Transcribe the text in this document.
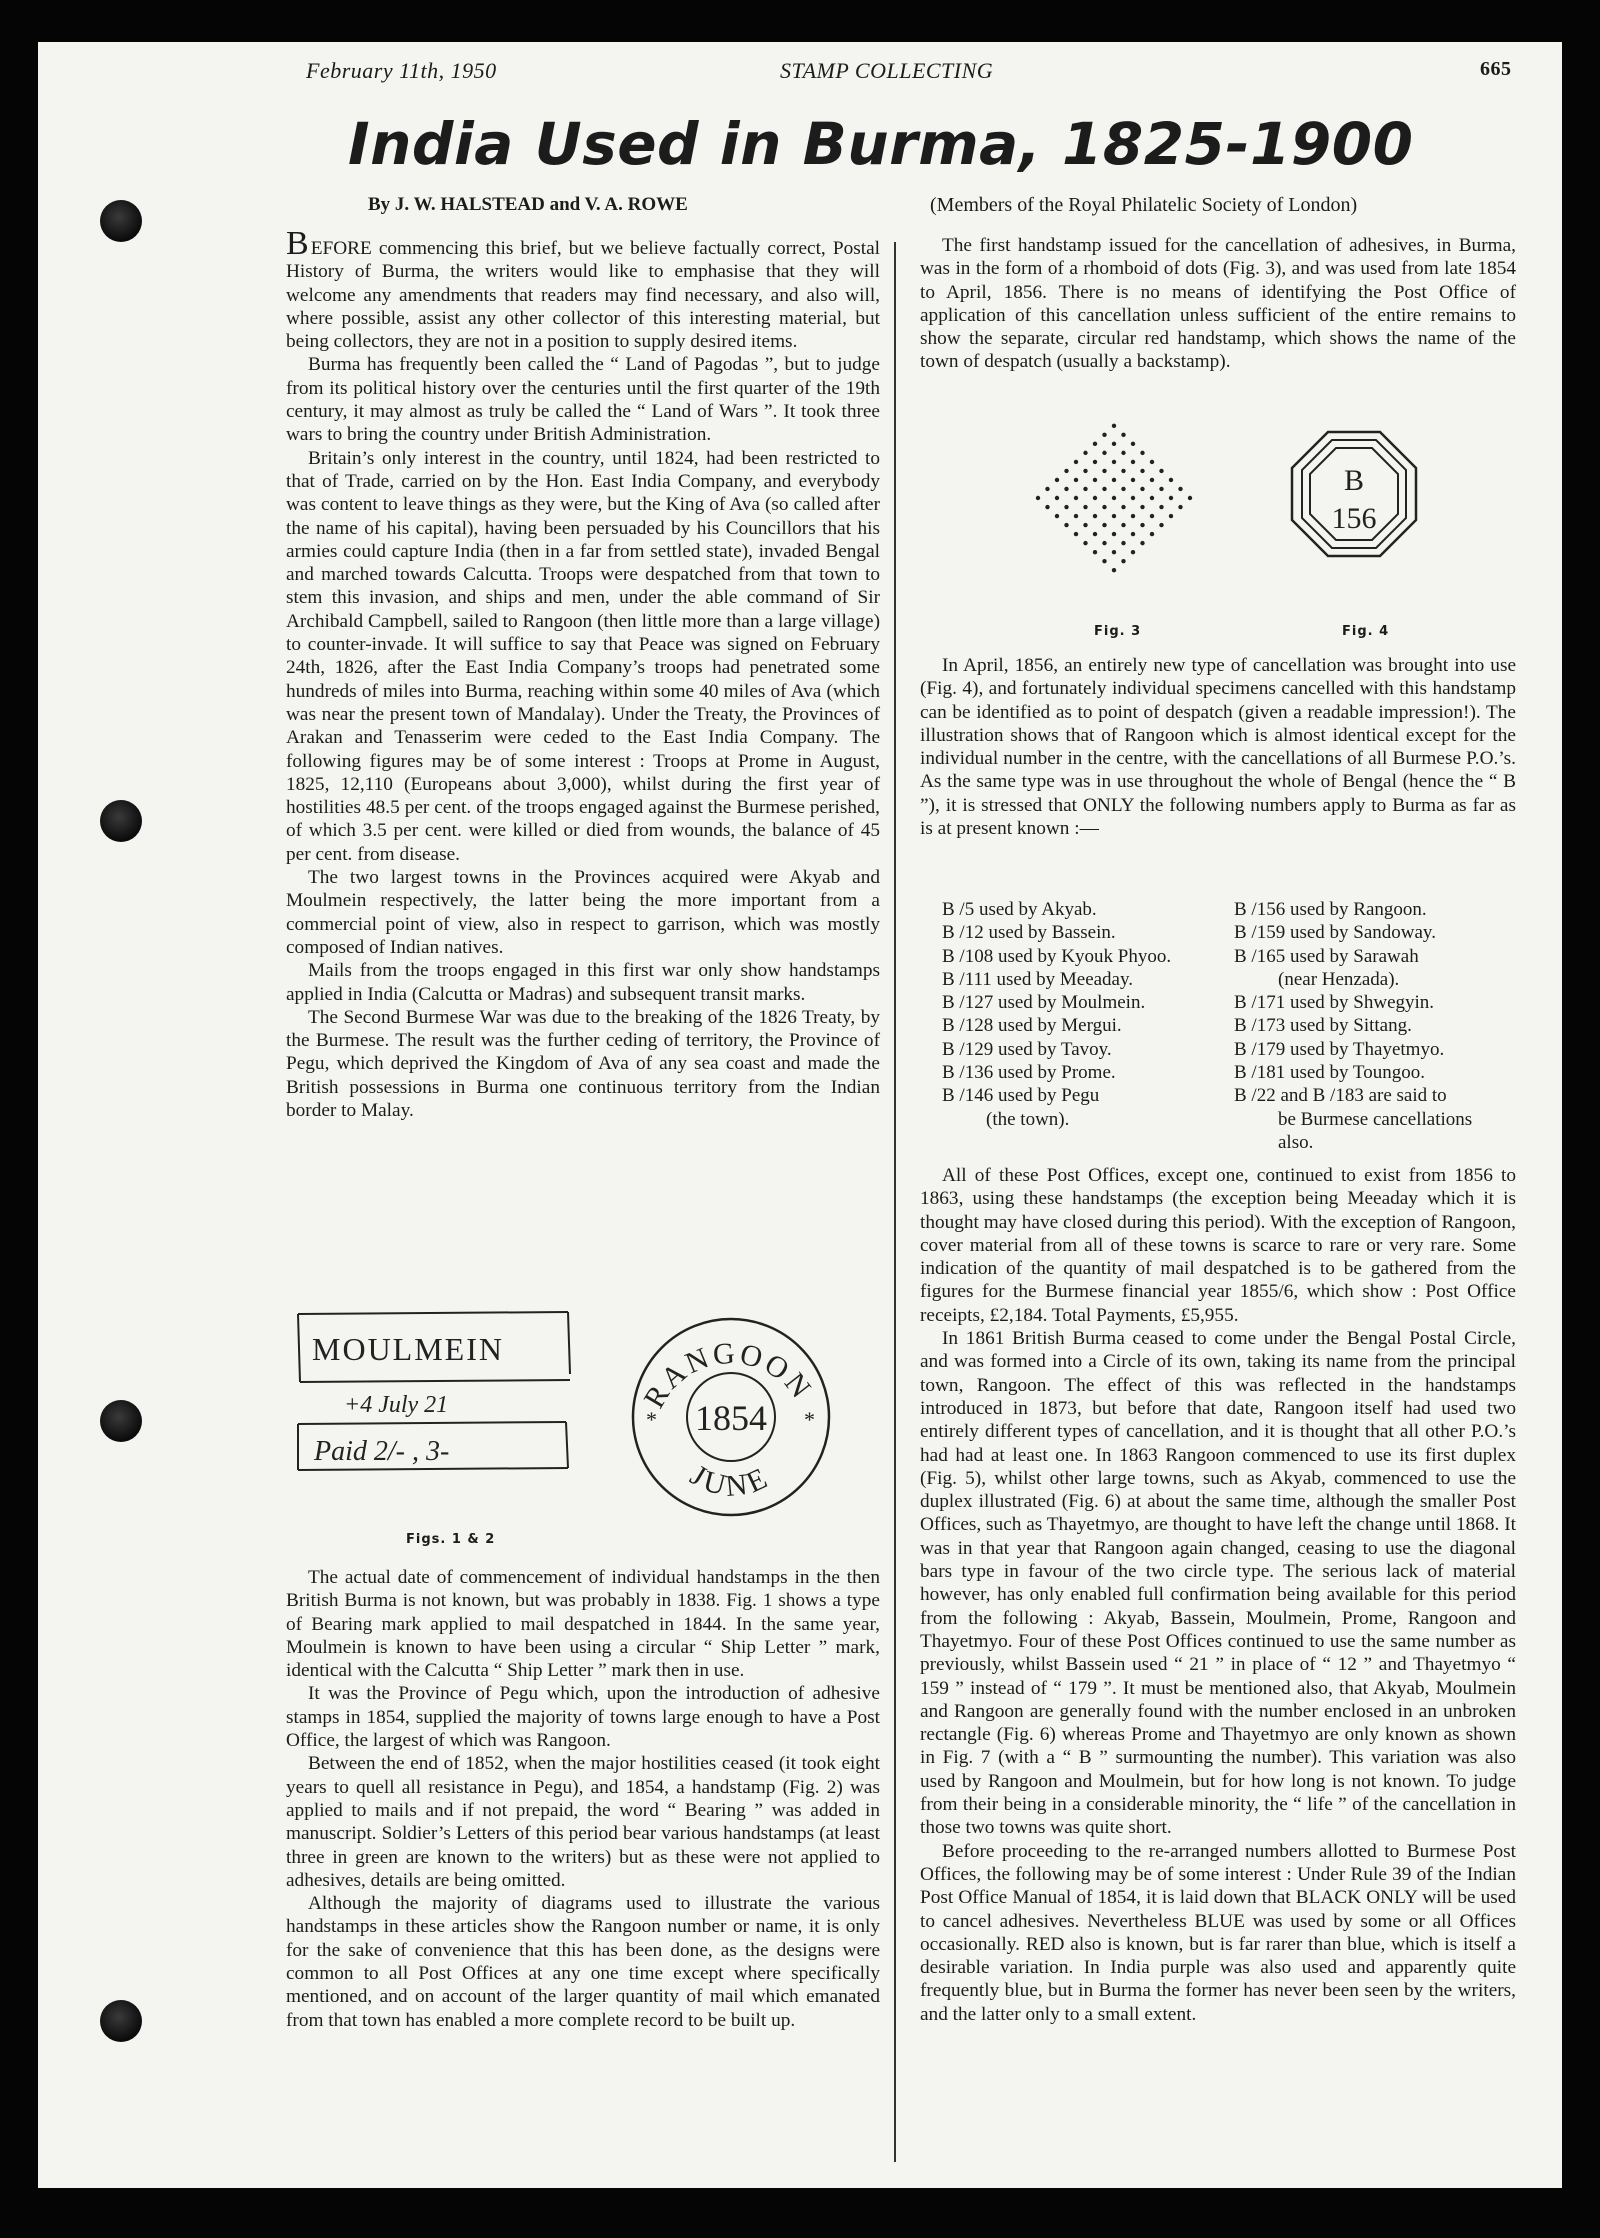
February 11th, 1950	STAMP COLLECTING	665
India Used in Burma, 1825-1900
By J. W. HALSTEAD and V. A. ROWE	(Members of the Royal Philatelic Society of London)

BEFORE commencing this brief, but we believe factually correct, Postal History of Burma, the writers would like to emphasise that they will welcome any amendments that readers may find necessary, and also will, where possible, assist any other collector of this interesting material, but being collectors, they are not in a position to supply desired items.

Burma has frequently been called the “ Land of Pagodas ”, but to judge from its political history over the centuries until the first quarter of the 19th century, it may almost as truly be called the “ Land of Wars ”. It took three wars to bring the country under British Administration.

Britain’s only interest in the country, until 1824, had been restricted to that of Trade, carried on by the Hon. East India Company, and everybody was content to leave things as they were, but the King of Ava (so called after the name of his capital), having been persuaded by his Councillors that his armies could capture India (then in a far from settled state), invaded Bengal and marched towards Calcutta. Troops were despatched from that town to stem this invasion, and ships and men, under the able command of Sir Archibald Campbell, sailed to Rangoon (then little more than a large village) to counter-invade. It will suffice to say that Peace was signed on February 24th, 1826, after the East India Company’s troops had penetrated some hundreds of miles into Burma, reaching within some 40 miles of Ava (which was near the present town of Mandalay). Under the Treaty, the Provinces of Arakan and Tenasserim were ceded to the East India Company. The following figures may be of some interest : Troops at Prome in August, 1825, 12,110 (Europeans about 3,000), whilst during the first year of hostilities 48.5 per cent. of the troops engaged against the Burmese perished, of which 3.5 per cent. were killed or died from wounds, the balance of 45 per cent. from disease.

The two largest towns in the Provinces acquired were Akyab and Moulmein respectively, the latter being the more important from a commercial point of view, also in respect to garrison, which was mostly composed of Indian natives.

Mails from the troops engaged in this first war only show handstamps applied in India (Calcutta or Madras) and subsequent transit marks.

The Second Burmese War was due to the breaking of the 1826 Treaty, by the Burmese. The result was the further ceding of territory, the Province of Pegu, which deprived the Kingdom of Ava of any sea coast and made the British possessions in Burma one continuous territory from the Indian border to Malay.

MOULMEIN
+4 July 21
Paid 2/- , 3-
RANGOON
1854
JUNE
*	*
Figs. 1 & 2

The actual date of commencement of individual handstamps in the then British Burma is not known, but was probably in 1838. Fig. 1 shows a type of Bearing mark applied to mail despatched in 1844. In the same year, Moulmein is known to have been using a circular “ Ship Letter ” mark, identical with the Calcutta “ Ship Letter ” mark then in use.

It was the Province of Pegu which, upon the introduction of adhesive stamps in 1854, supplied the majority of towns large enough to have a Post Office, the largest of which was Rangoon.

Between the end of 1852, when the major hostilities ceased (it took eight years to quell all resistance in Pegu), and 1854, a handstamp (Fig. 2) was applied to mails and if not prepaid, the word “ Bearing ” was added in manuscript. Soldier’s Letters of this period bear various handstamps (at least three in green are known to the writers) but as these were not applied to adhesives, details are being omitted.

Although the majority of diagrams used to illustrate the various handstamps in these articles show the Rangoon number or name, it is only for the sake of convenience that this has been done, as the designs were common to all Post Offices at any one time except where specifically mentioned, and on account of the larger quantity of mail which emanated from that town has enabled a more complete record to be built up.

The first handstamp issued for the cancellation of adhesives, in Burma, was in the form of a rhomboid of dots (Fig. 3), and was used from late 1854 to April, 1856. There is no means of identifying the Post Office of application of this cancellation unless sufficient of the entire remains to show the separate, circular red handstamp, which shows the name of the town of despatch (usually a backstamp).

B
156
Fig. 3	Fig. 4

In April, 1856, an entirely new type of cancellation was brought into use (Fig. 4), and fortunately individual specimens cancelled with this handstamp can be identified as to point of despatch (given a readable impression!). The illustration shows that of Rangoon which is almost identical except for the individual number in the centre, with the cancellations of all Burmese P.O.’s. As the same type was in use throughout the whole of Bengal (hence the “ B ”), it is stressed that ONLY the following numbers apply to Burma as far as is at present known :—

B /5 used by Akyab.
B /12 used by Bassein.
B /108 used by Kyouk Phyoo.
B /111 used by Meeaday.
B /127 used by Moulmein.
B /128 used by Mergui.
B /129 used by Tavoy.
B /136 used by Prome.
B /146 used by Pegu
(the town).
B /156 used by Rangoon.
B /159 used by Sandoway.
B /165 used by Sarawah
(near Henzada).
B /171 used by Shwegyin.
B /173 used by Sittang.
B /179 used by Thayetmyo.
B /181 used by Toungoo.
B /22 and B /183 are said to
be Burmese cancellations
also.

All of these Post Offices, except one, continued to exist from 1856 to 1863, using these handstamps (the exception being Meeaday which it is thought may have closed during this period). With the exception of Rangoon, cover material from all of these towns is scarce to rare or very rare. Some indication of the quantity of mail despatched is to be gathered from the figures for the Burmese financial year 1855/6, which show : Post Office receipts, £2,184. Total Payments, £5,955.

In 1861 British Burma ceased to come under the Bengal Postal Circle, and was formed into a Circle of its own, taking its name from the principal town, Rangoon. The effect of this was reflected in the handstamps introduced in 1873, but before that date, Rangoon itself had used two entirely different types of cancellation, and it is thought that all other P.O.’s had had at least one. In 1863 Rangoon commenced to use its first duplex (Fig. 5), whilst other large towns, such as Akyab, commenced to use the duplex illustrated (Fig. 6) at about the same time, although the smaller Post Offices, such as Thayetmyo, are thought to have left the change until 1868. It was in that year that Rangoon again changed, ceasing to use the diagonal bars type in favour of the two circle type. The serious lack of material however, has only enabled full confirmation being available for this period from the following : Akyab, Bassein, Moulmein, Prome, Rangoon and Thayetmyo. Four of these Post Offices continued to use the same number as previously, whilst Bassein used “ 21 ” in place of “ 12 ” and Thayetmyo “ 159 ” instead of “ 179 ”. It must be mentioned also, that Akyab, Moulmein and Rangoon are generally found with the number enclosed in an unbroken rectangle (Fig. 6) whereas Prome and Thayetmyo are only known as shown in Fig. 7 (with a “ B ” surmounting the number). This variation was also used by Rangoon and Moulmein, but for how long is not known. To judge from their being in a considerable minority, the “ life ” of the cancellation in those two towns was quite short.

Before proceeding to the re-arranged numbers allotted to Burmese Post Offices, the following may be of some interest : Under Rule 39 of the Indian Post Office Manual of 1854, it is laid down that BLACK ONLY will be used to cancel adhesives. Nevertheless BLUE was used by some or all Offices occasionally. RED also is known, but is far rarer than blue, which is itself a desirable variation. In India purple was also used and apparently quite frequently blue, but in Burma the former has never been seen by the writers, and the latter only to a small extent.
